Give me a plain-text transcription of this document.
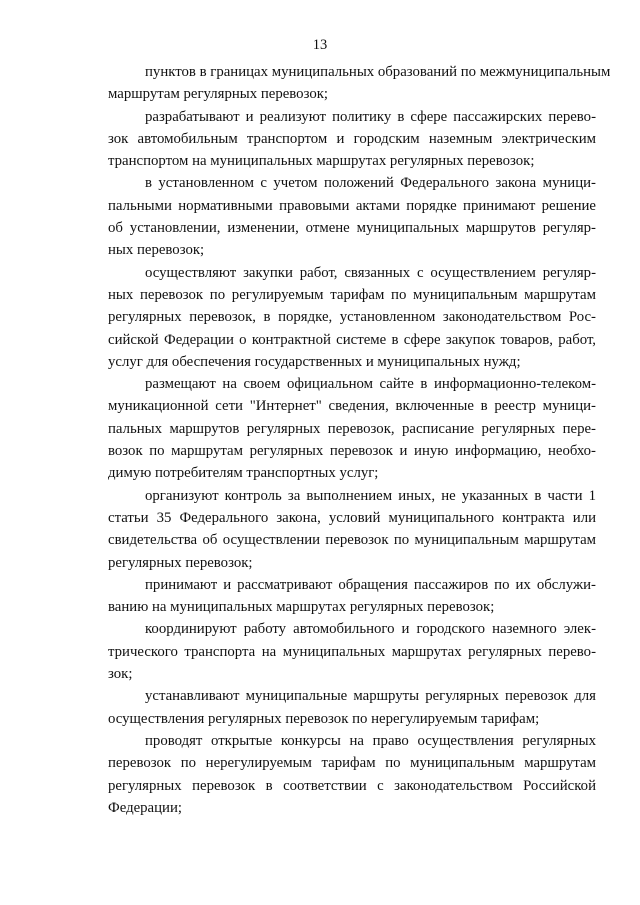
13
пунктов в границах муниципальных образований по межмуниципальным
маршрутам регулярных перевозок;
разрабатывают и реализуют политику в сфере пассажирских перево-
зок автомобильным транспортом и городским наземным электрическим
транспортом на муниципальных маршрутах регулярных перевозок;
в установленном с учетом положений Федерального закона муници-
пальными нормативными правовыми актами порядке принимают решение
об установлении, изменении, отмене муниципальных маршрутов регуляр-
ных перевозок;
осуществляют закупки работ, связанных с осуществлением регуляр-
ных перевозок по регулируемым тарифам по муниципальным маршрутам
регулярных перевозок, в порядке, установленном законодательством Рос-
сийской Федерации о контрактной системе в сфере закупок товаров, работ,
услуг для обеспечения государственных и муниципальных нужд;
размещают на своем официальном сайте в информационно-телеком-
муникационной сети "Интернет" сведения, включенные в реестр муници-
пальных маршрутов регулярных перевозок, расписание регулярных пере-
возок по маршрутам регулярных перевозок и иную информацию, необхо-
димую потребителям транспортных услуг;
организуют контроль за выполнением иных, не указанных в части 1
статьи 35 Федерального закона, условий муниципального контракта или
свидетельства об осуществлении перевозок по муниципальным маршрутам
регулярных перевозок;
принимают и рассматривают обращения пассажиров по их обслужи-
ванию на муниципальных маршрутах регулярных перевозок;
координируют работу автомобильного и городского наземного элек-
трического транспорта на муниципальных маршрутах регулярных перево-
зок;
устанавливают муниципальные маршруты регулярных перевозок для
осуществления регулярных перевозок по нерегулируемым тарифам;
проводят открытые конкурсы на право осуществления регулярных
перевозок по нерегулируемым тарифам по муниципальным маршрутам
регулярных перевозок в соответствии с законодательством Российской
Федерации;
